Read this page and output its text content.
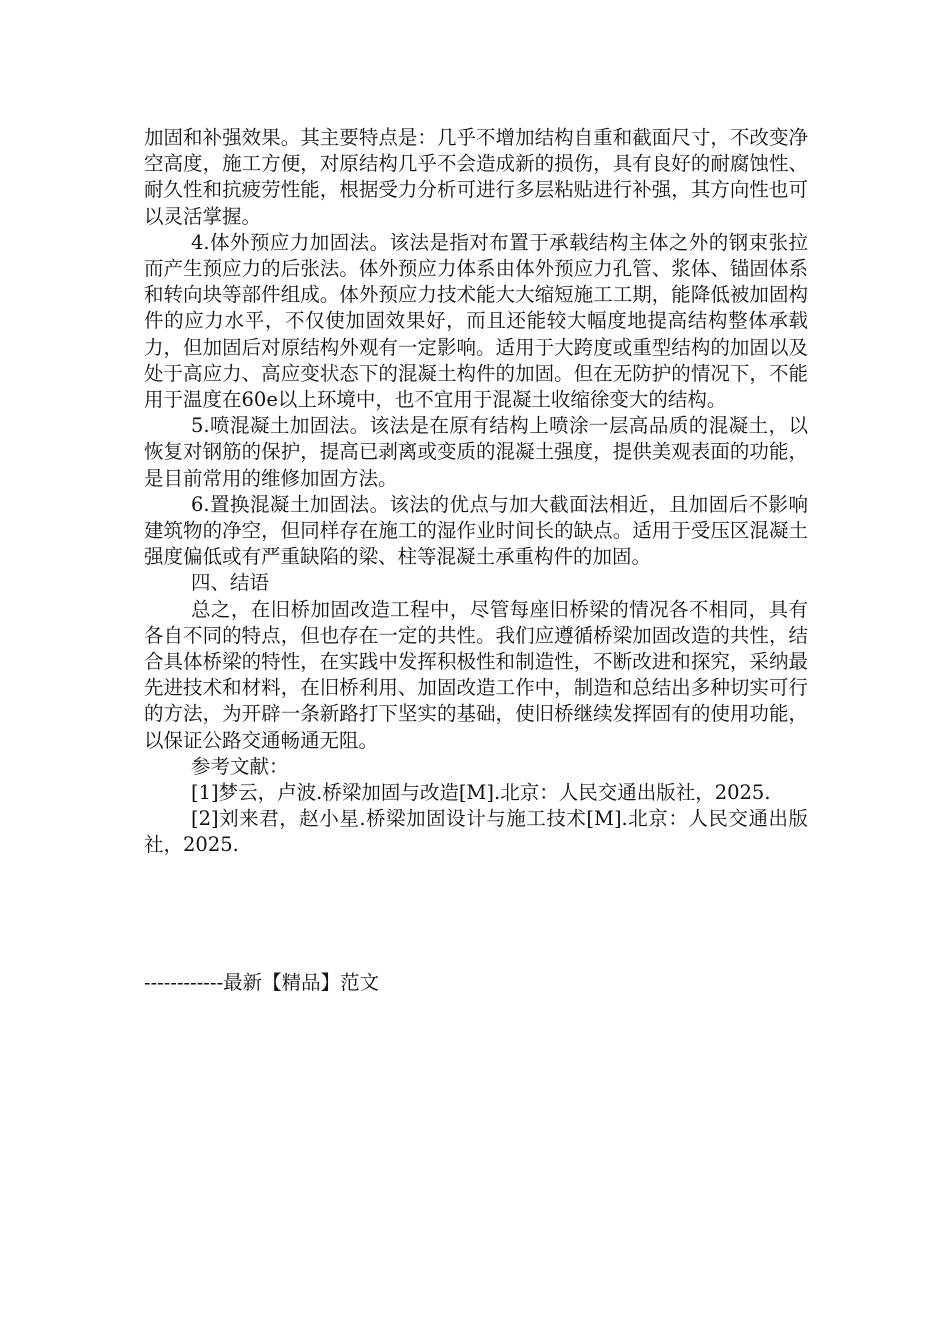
加固和补强效果。其主要特点是：几乎不增加结构自重和截面尺寸，不改变净空高度，施工方便，对原结构几乎不会造成新的损伤，具有良好的耐腐蚀性、耐久性和抗疲劳性能，根据受力分析可进行多层粘贴进行补强，其方向性也可以灵活掌握。

4.体外预应力加固法。该法是指对布置于承载结构主体之外的钢束张拉而产生预应力的后张法。体外预应力体系由体外预应力孔管、浆体、锚固体系和转向块等部件组成。体外预应力技术能大大缩短施工工期，能降低被加固构件的应力水平，不仅使加固效果好，而且还能较大幅度地提高结构整体承载力，但加固后对原结构外观有一定影响。适用于大跨度或重型结构的加固以及处于高应力、高应变状态下的混凝土构件的加固。但在无防护的情况下，不能用于温度在60e以上环境中，也不宜用于混凝土收缩徐变大的结构。

5.喷混凝土加固法。该法是在原有结构上喷涂一层高品质的混凝土，以恢复对钢筋的保护，提高已剥离或变质的混凝土强度，提供美观表面的功能，是目前常用的维修加固方法。

6.置换混凝土加固法。该法的优点与加大截面法相近，且加固后不影响建筑物的净空，但同样存在施工的湿作业时间长的缺点。适用于受压区混凝土强度偏低或有严重缺陷的梁、柱等混凝土承重构件的加固。

四、结语

总之，在旧桥加固改造工程中，尽管每座旧桥梁的情况各不相同，具有各自不同的特点，但也存在一定的共性。我们应遵循桥梁加固改造的共性，结合具体桥梁的特性，在实践中发挥积极性和制造性，不断改进和探究，采纳最先进技术和材料，在旧桥利用、加固改造工作中，制造和总结出多种切实可行的方法，为开辟一条新路打下坚实的基础，使旧桥继续发挥固有的使用功能，以保证公路交通畅通无阻。

参考文献：

[1]梦云，卢波.桥梁加固与改造[M].北京：人民交通出版社，2025.

[2]刘来君，赵小星.桥梁加固设计与施工技术[M].北京：人民交通出版社，2025.

------------最新【精品】范文
